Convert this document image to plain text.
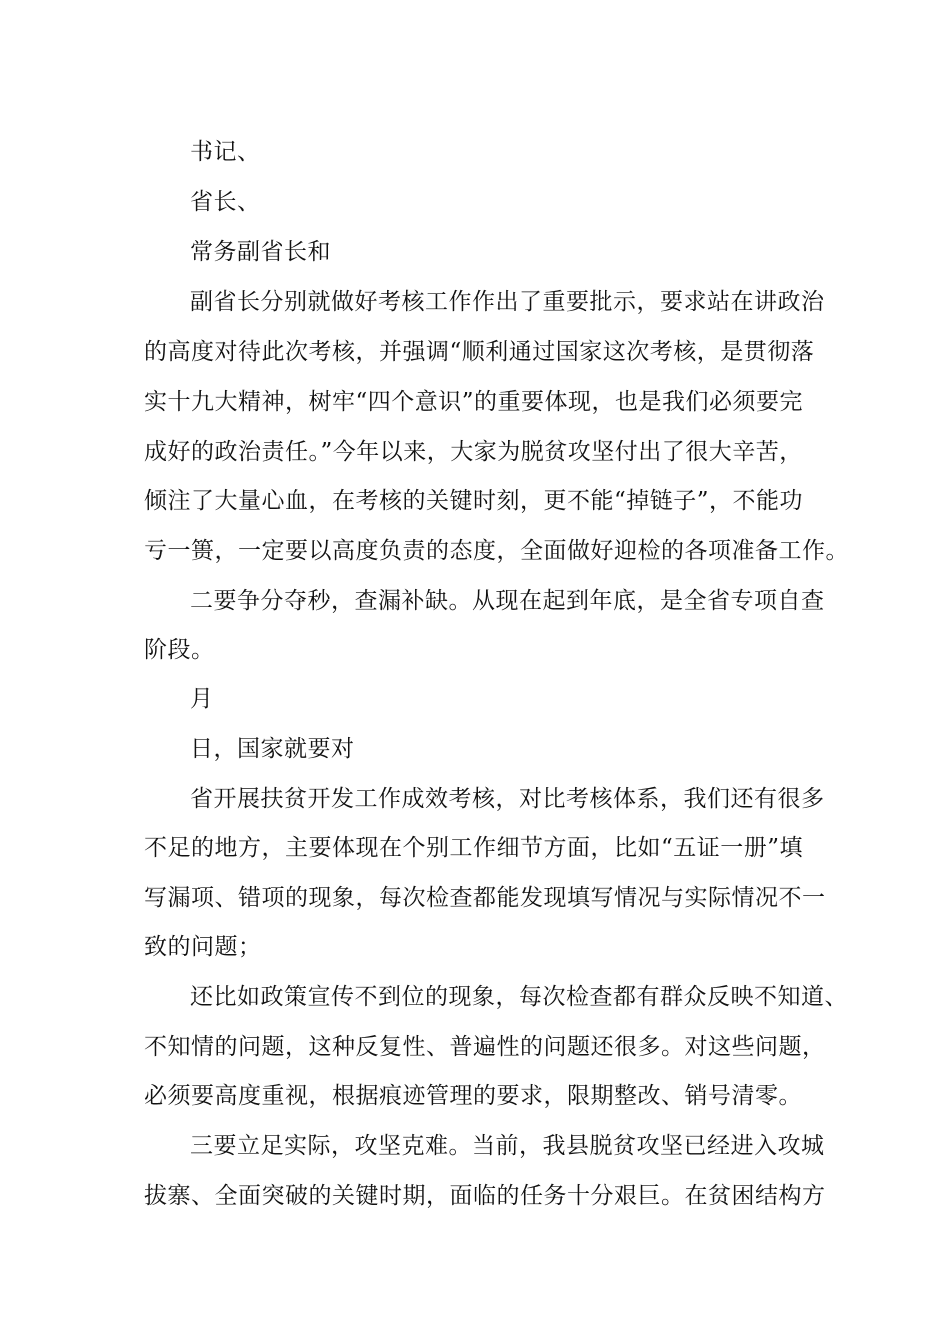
书记、
省长、
常务副省长和
副省长分别就做好考核工作作出了重要批示，要求站在讲政治
的高度对待此次考核，并强调“顺利通过国家这次考核，是贯彻落
实十九大精神，树牢“四个意识”的重要体现，也是我们必须要完
成好的政治责任。”今年以来，大家为脱贫攻坚付出了很大辛苦，
倾注了大量心血，在考核的关键时刻，更不能“掉链子”，不能功
亏一篑，一定要以高度负责的态度，全面做好迎检的各项准备工作。
二要争分夺秒，查漏补缺。从现在起到年底，是全省专项自查
阶段。
月
日，国家就要对
省开展扶贫开发工作成效考核，对比考核体系，我们还有很多
不足的地方，主要体现在个别工作细节方面，比如“五证一册”填
写漏项、错项的现象，每次检查都能发现填写情况与实际情况不一
致的问题；
还比如政策宣传不到位的现象，每次检查都有群众反映不知道、
不知情的问题，这种反复性、普遍性的问题还很多。对这些问题，
必须要高度重视，根据痕迹管理的要求，限期整改、销号清零。
三要立足实际，攻坚克难。当前，我县脱贫攻坚已经进入攻城
拔寨、全面突破的关键时期，面临的任务十分艰巨。在贫困结构方
